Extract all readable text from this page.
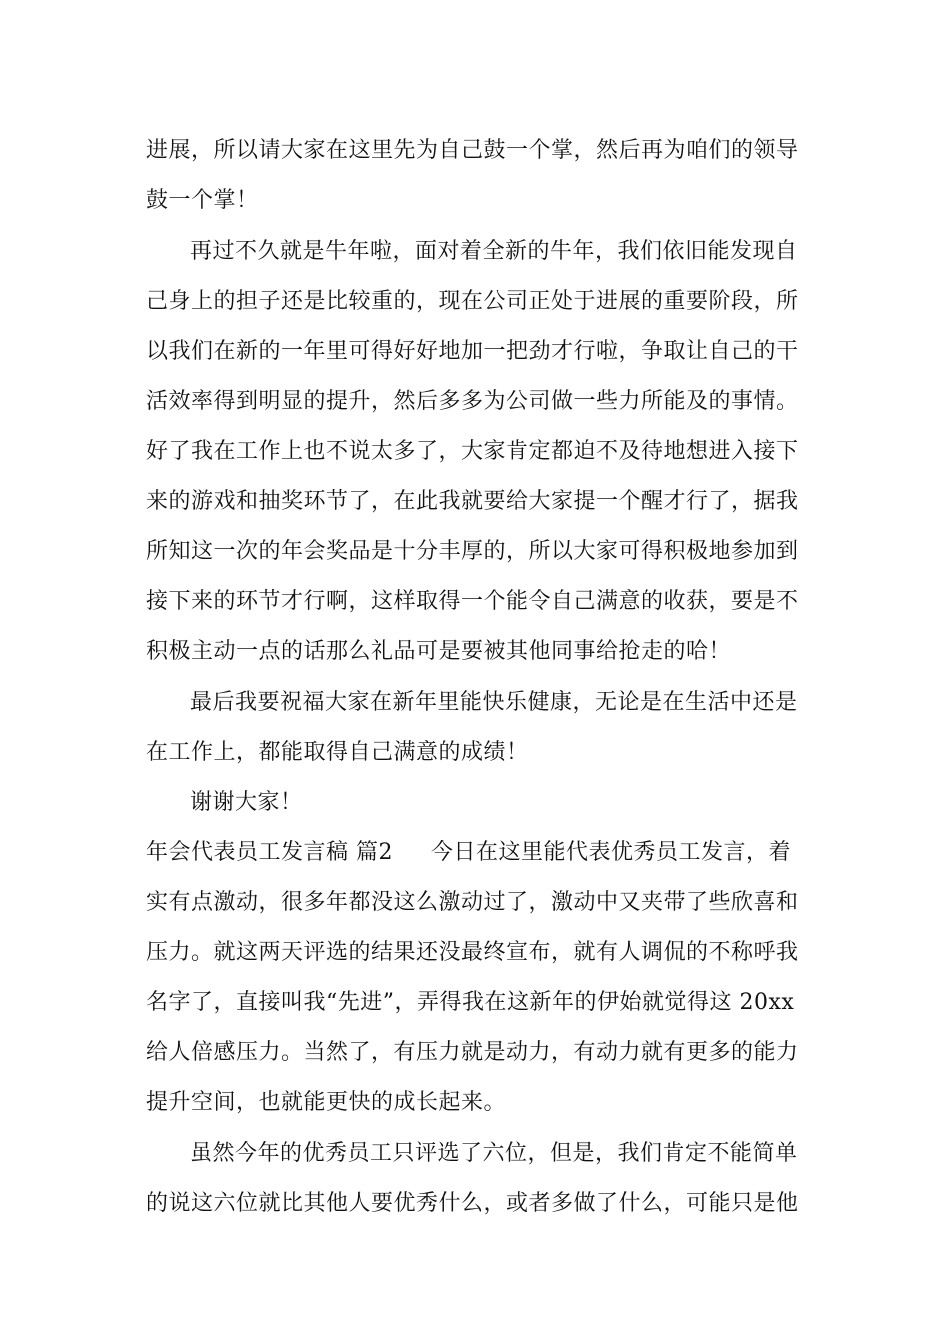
进展，所以请大家在这里先为自己鼓一个掌，然后再为咱们的领导
鼓一个掌！
再过不久就是牛年啦，面对着全新的牛年，我们依旧能发现自
己身上的担子还是比较重的，现在公司正处于进展的重要阶段，所
以我们在新的一年里可得好好地加一把劲才行啦，争取让自己的干
活效率得到明显的提升，然后多多为公司做一些力所能及的事情。
好了我在工作上也不说太多了，大家肯定都迫不及待地想进入接下
来的游戏和抽奖环节了，在此我就要给大家提一个醒才行了，据我
所知这一次的年会奖品是十分丰厚的，所以大家可得积极地参加到
接下来的环节才行啊，这样取得一个能令自己满意的收获，要是不
积极主动一点的话那么礼品可是要被其他同事给抢走的哈！
最后我要祝福大家在新年里能快乐健康，无论是在生活中还是
在工作上，都能取得自己满意的成绩！
谢谢大家！
年会代表员工发言稿 篇2 今日在这里能代表优秀员工发言，着
实有点激动，很多年都没这么激动过了，激动中又夹带了些欣喜和
压力。就这两天评选的结果还没最终宣布，就有人调侃的不称呼我
名字了，直接叫我“先进”，弄得我在这新年的伊始就觉得这 20xx
给人倍感压力。当然了，有压力就是动力，有动力就有更多的能力
提升空间，也就能更快的成长起来。
虽然今年的优秀员工只评选了六位，但是，我们肯定不能简单
的说这六位就比其他人要优秀什么，或者多做了什么，可能只是他
